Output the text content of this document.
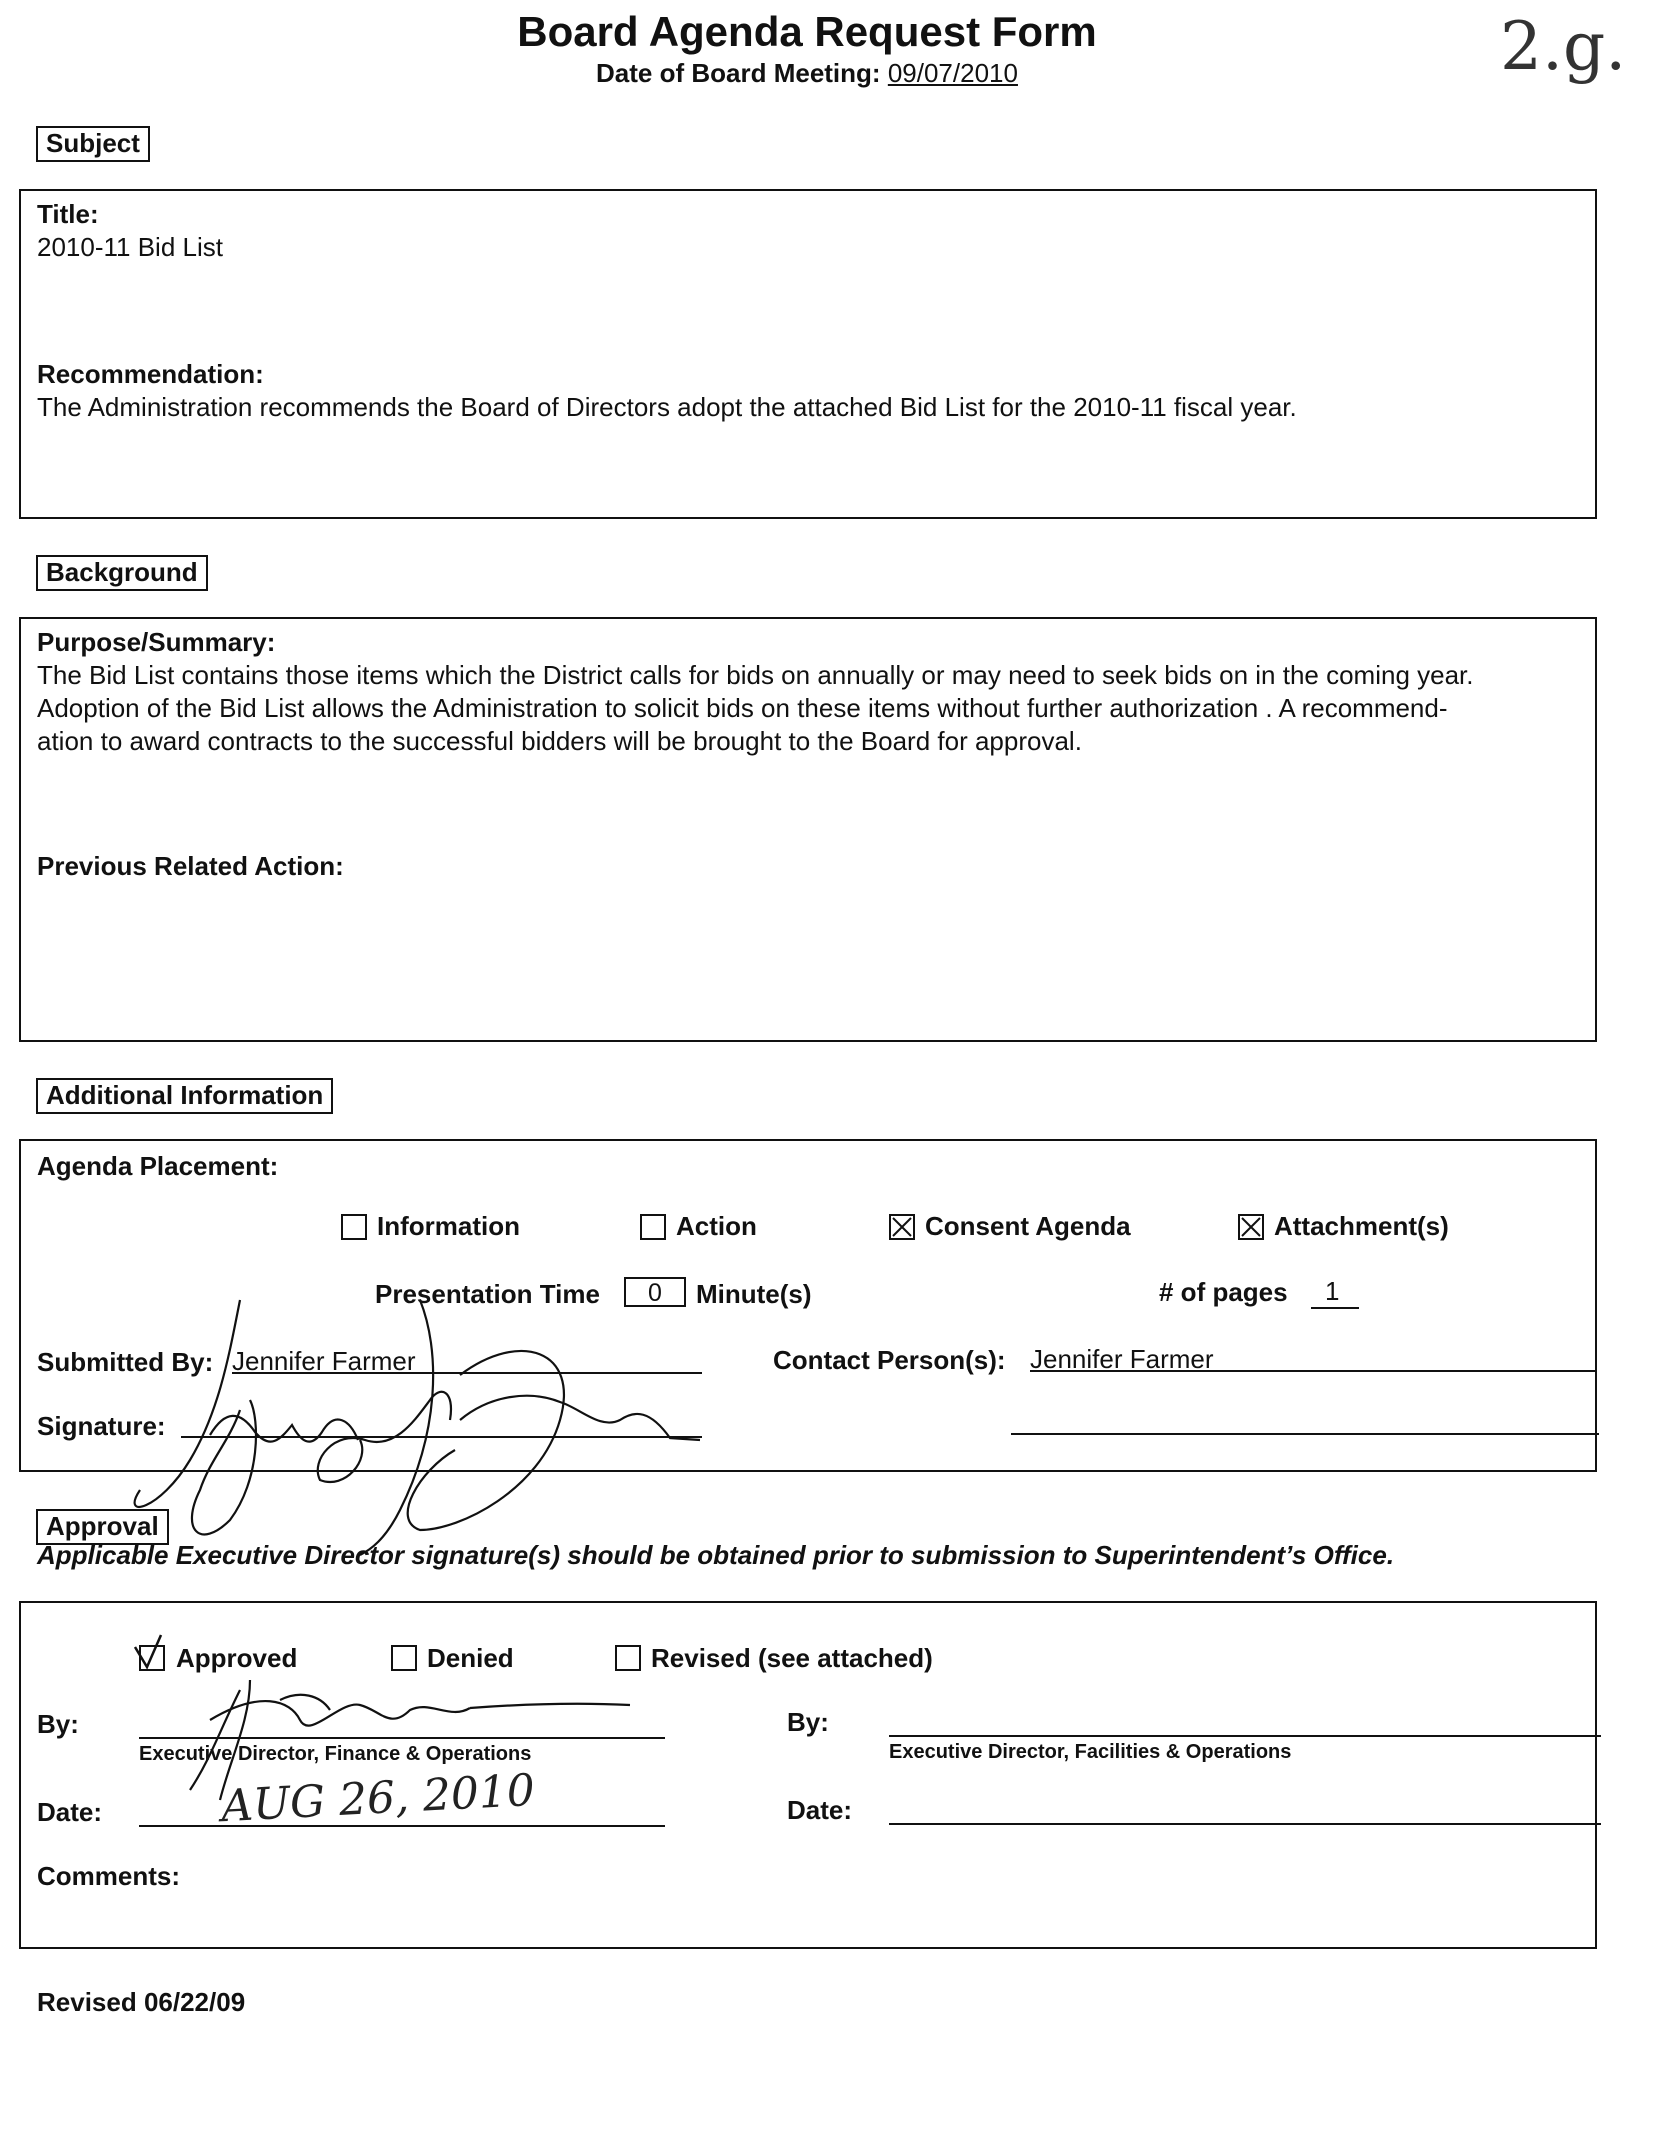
Board Agenda Request Form
Date of Board Meeting: 09/07/2010	2.g.
Subject
Title:
2010-11 Bid List
Recommendation:
The Administration recommends the Board of Directors adopt the attached Bid List for the 2010-11 fiscal year.
Background
Purpose/Summary:
The Bid List contains those items which the District calls for bids on annually or may need to seek bids on in the coming year.
Adoption of the Bid List allows the Administration to solicit bids on these items without further authorization . A recommend-
ation to award contracts to the successful bidders will be brought to the Board for approval.
Previous Related Action:
Additional Information
Agenda Placement:
Information	Action	Consent Agenda	Attachment(s)
Presentation Time	0	Minute(s)	# of pages 1
Submitted By: Jennifer Farmer	Contact Person(s): Jennifer Farmer
Signature:
Approval
Applicable Executive Director signature(s) should be obtained prior to submission to Superintendent’s Office.
Approved	Denied	Revised (see attached)
By:
Executive Director, Finance & Operations
By:
Executive Director, Facilities & Operations
Date:	AUG 26, 2010	Date:
Comments:
Revised 06/22/09
